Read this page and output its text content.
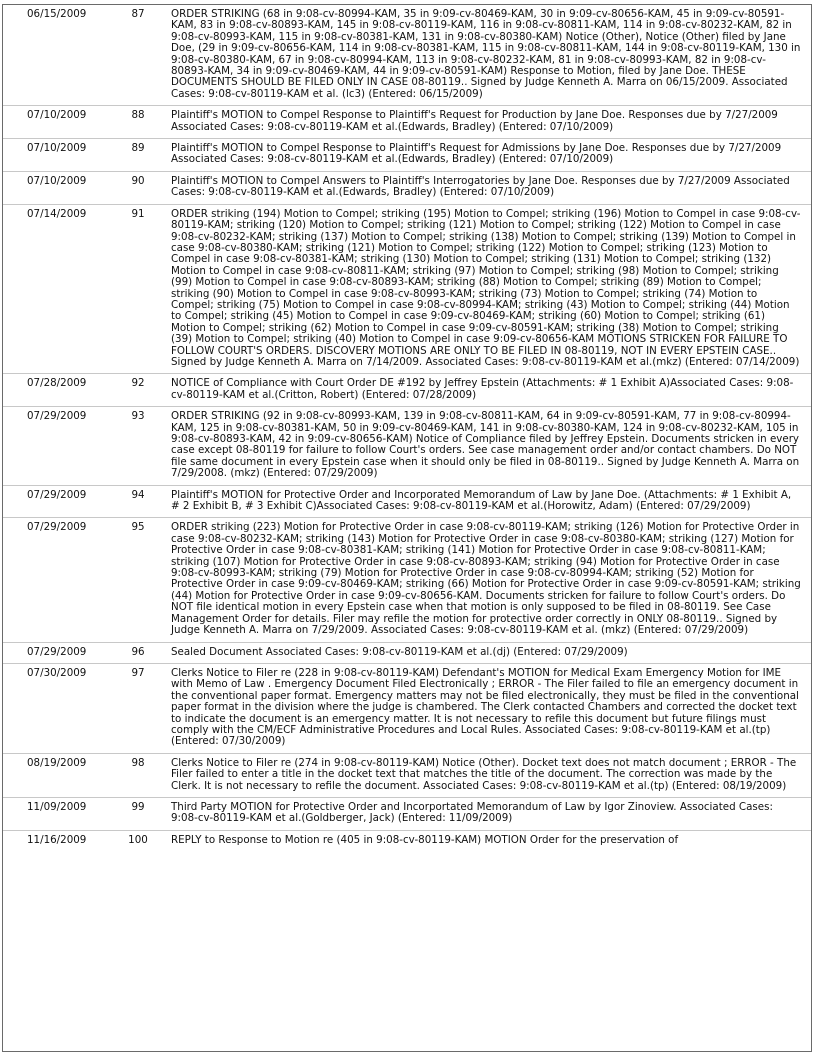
06/15/2009	87	ORDER STRIKING (68 in 9:08-cv-80994-KAM, 35 in 9:09-cv-80469-KAM, 30 in 9:09-cv-80656-KAM, 45 in 9:09-cv-80591-KAM, 83 in 9:08-cv-80893-KAM, 145 in 9:08-cv-80119-KAM, 116 in 9:08-cv-80811-KAM, 114 in 9:08-cv-80232-KAM, 82 in 9:08-cv-80993-KAM, 115 in 9:08-cv-80381-KAM, 131 in 9:08-cv-80380-KAM) Notice (Other), Notice (Other) filed by Jane Doe, (29 in 9:09-cv-80656-KAM, 114 in 9:08-cv-80381-KAM, 115 in 9:08-cv-80811-KAM, 144 in 9:08-cv-80119-KAM, 130 in 9:08-cv-80380-KAM, 67 in 9:08-cv-80994-KAM, 113 in 9:08-cv-80232-KAM, 81 in 9:08-cv-80993-KAM, 82 in 9:08-cv-80893-KAM, 34 in 9:09-cv-80469-KAM, 44 in 9:09-cv-80591-KAM) Response to Motion, filed by Jane Doe. THESE DOCUMENTS SHOULD BE FILED ONLY IN CASE 08-80119.. Signed by Judge Kenneth A. Marra on 06/15/2009. Associated Cases: 9:08-cv-80119-KAM et al. (lc3) (Entered: 06/15/2009)
07/10/2009	88	Plaintiff's MOTION to Compel Response to Plaintiff's Request for Production by Jane Doe. Responses due by 7/27/2009 Associated Cases: 9:08-cv-80119-KAM et al.(Edwards, Bradley) (Entered: 07/10/2009)
07/10/2009	89	Plaintiff's MOTION to Compel Response to Plaintiff's Request for Admissions by Jane Doe. Responses due by 7/27/2009 Associated Cases: 9:08-cv-80119-KAM et al.(Edwards, Bradley) (Entered: 07/10/2009)
07/10/2009	90	Plaintiff's MOTION to Compel Answers to Plaintiff's Interrogatories by Jane Doe. Responses due by 7/27/2009 Associated Cases: 9:08-cv-80119-KAM et al.(Edwards, Bradley) (Entered: 07/10/2009)
07/14/2009	91	ORDER striking (194) Motion to Compel; striking (195) Motion to Compel; striking (196) Motion to Compel in case 9:08-cv-80119-KAM; striking (120) Motion to Compel; striking (121) Motion to Compel; striking (122) Motion to Compel in case 9:08-cv-80232-KAM; striking (137) Motion to Compel; striking (138) Motion to Compel; striking (139) Motion to Compel in case 9:08-cv-80380-KAM; striking (121) Motion to Compel; striking (122) Motion to Compel; striking (123) Motion to Compel in case 9:08-cv-80381-KAM; striking (130) Motion to Compel; striking (131) Motion to Compel; striking (132) Motion to Compel in case 9:08-cv-80811-KAM; striking (97) Motion to Compel; striking (98) Motion to Compel; striking (99) Motion to Compel in case 9:08-cv-80893-KAM; striking (88) Motion to Compel; striking (89) Motion to Compel; striking (90) Motion to Compel in case 9:08-cv-80993-KAM; striking (73) Motion to Compel; striking (74) Motion to Compel; striking (75) Motion to Compel in case 9:08-cv-80994-KAM; striking (43) Motion to Compel; striking (44) Motion to Compel; striking (45) Motion to Compel in case 9:09-cv-80469-KAM; striking (60) Motion to Compel; striking (61) Motion to Compel; striking (62) Motion to Compel in case 9:09-cv-80591-KAM; striking (38) Motion to Compel; striking (39) Motion to Compel; striking (40) Motion to Compel in case 9:09-cv-80656-KAM MOTIONS STRICKEN FOR FAILURE TO FOLLOW COURT'S ORDERS. DISCOVERY MOTIONS ARE ONLY TO BE FILED IN 08-80119, NOT IN EVERY EPSTEIN CASE.. Signed by Judge Kenneth A. Marra on 7/14/2009. Associated Cases: 9:08-cv-80119-KAM et al.(mkz) (Entered: 07/14/2009)
07/28/2009	92	NOTICE of Compliance with Court Order DE #192 by Jeffrey Epstein (Attachments: # 1 Exhibit A)Associated Cases: 9:08-cv-80119-KAM et al.(Critton, Robert) (Entered: 07/28/2009)
07/29/2009	93	ORDER STRIKING (92 in 9:08-cv-80993-KAM, 139 in 9:08-cv-80811-KAM, 64 in 9:09-cv-80591-KAM, 77 in 9:08-cv-80994-KAM, 125 in 9:08-cv-80381-KAM, 50 in 9:09-cv-80469-KAM, 141 in 9:08-cv-80380-KAM, 124 in 9:08-cv-80232-KAM, 105 in 9:08-cv-80893-KAM, 42 in 9:09-cv-80656-KAM) Notice of Compliance filed by Jeffrey Epstein. Documents stricken in every case except 08-80119 for failure to follow Court's orders. See case management order and/or contact chambers. Do NOT file same document in every Epstein case when it should only be filed in 08-80119.. Signed by Judge Kenneth A. Marra on 7/29/2008. (mkz) (Entered: 07/29/2009)
07/29/2009	94	Plaintiff's MOTION for Protective Order and Incorporated Memorandum of Law by Jane Doe. (Attachments: # 1 Exhibit A, # 2 Exhibit B, # 3 Exhibit C)Associated Cases: 9:08-cv-80119-KAM et al.(Horowitz, Adam) (Entered: 07/29/2009)
07/29/2009	95	ORDER striking (223) Motion for Protective Order in case 9:08-cv-80119-KAM; striking (126) Motion for Protective Order in case 9:08-cv-80232-KAM; striking (143) Motion for Protective Order in case 9:08-cv-80380-KAM; striking (127) Motion for Protective Order in case 9:08-cv-80381-KAM; striking (141) Motion for Protective Order in case 9:08-cv-80811-KAM; striking (107) Motion for Protective Order in case 9:08-cv-80893-KAM; striking (94) Motion for Protective Order in case 9:08-cv-80993-KAM; striking (79) Motion for Protective Order in case 9:08-cv-80994-KAM; striking (52) Motion for Protective Order in case 9:09-cv-80469-KAM; striking (66) Motion for Protective Order in case 9:09-cv-80591-KAM; striking (44) Motion for Protective Order in case 9:09-cv-80656-KAM. Documents stricken for failure to follow Court's orders. Do NOT file identical motion in every Epstein case when that motion is only supposed to be filed in 08-80119. See Case Management Order for details. Filer may refile the motion for protective order correctly in ONLY 08-80119.. Signed by Judge Kenneth A. Marra on 7/29/2009. Associated Cases: 9:08-cv-80119-KAM et al. (mkz) (Entered: 07/29/2009)
07/29/2009	96	Sealed Document Associated Cases: 9:08-cv-80119-KAM et al.(dj) (Entered: 07/29/2009)
07/30/2009	97	Clerks Notice to Filer re (228 in 9:08-cv-80119-KAM) Defendant's MOTION for Medical Exam Emergency Motion for IME with Memo of Law . Emergency Document Filed Electronically ; ERROR - The Filer failed to file an emergency document in the conventional paper format. Emergency matters may not be filed electronically, they must be filed in the conventional paper format in the division where the judge is chambered. The Clerk contacted Chambers and corrected the docket text to indicate the document is an emergency matter. It is not necessary to refile this document but future filings must comply with the CM/ECF Administrative Procedures and Local Rules. Associated Cases: 9:08-cv-80119-KAM et al.(tp) (Entered: 07/30/2009)
08/19/2009	98	Clerks Notice to Filer re (274 in 9:08-cv-80119-KAM) Notice (Other). Docket text does not match document ; ERROR - The Filer failed to enter a title in the docket text that matches the title of the document. The correction was made by the Clerk. It is not necessary to refile the document. Associated Cases: 9:08-cv-80119-KAM et al.(tp) (Entered: 08/19/2009)
11/09/2009	99	Third Party MOTION for Protective Order and Incorportated Memorandum of Law by Igor Zinoview. Associated Cases: 9:08-cv-80119-KAM et al.(Goldberger, Jack) (Entered: 11/09/2009)
11/16/2009	100	REPLY to Response to Motion re (405 in 9:08-cv-80119-KAM) MOTION Order for the preservation of
